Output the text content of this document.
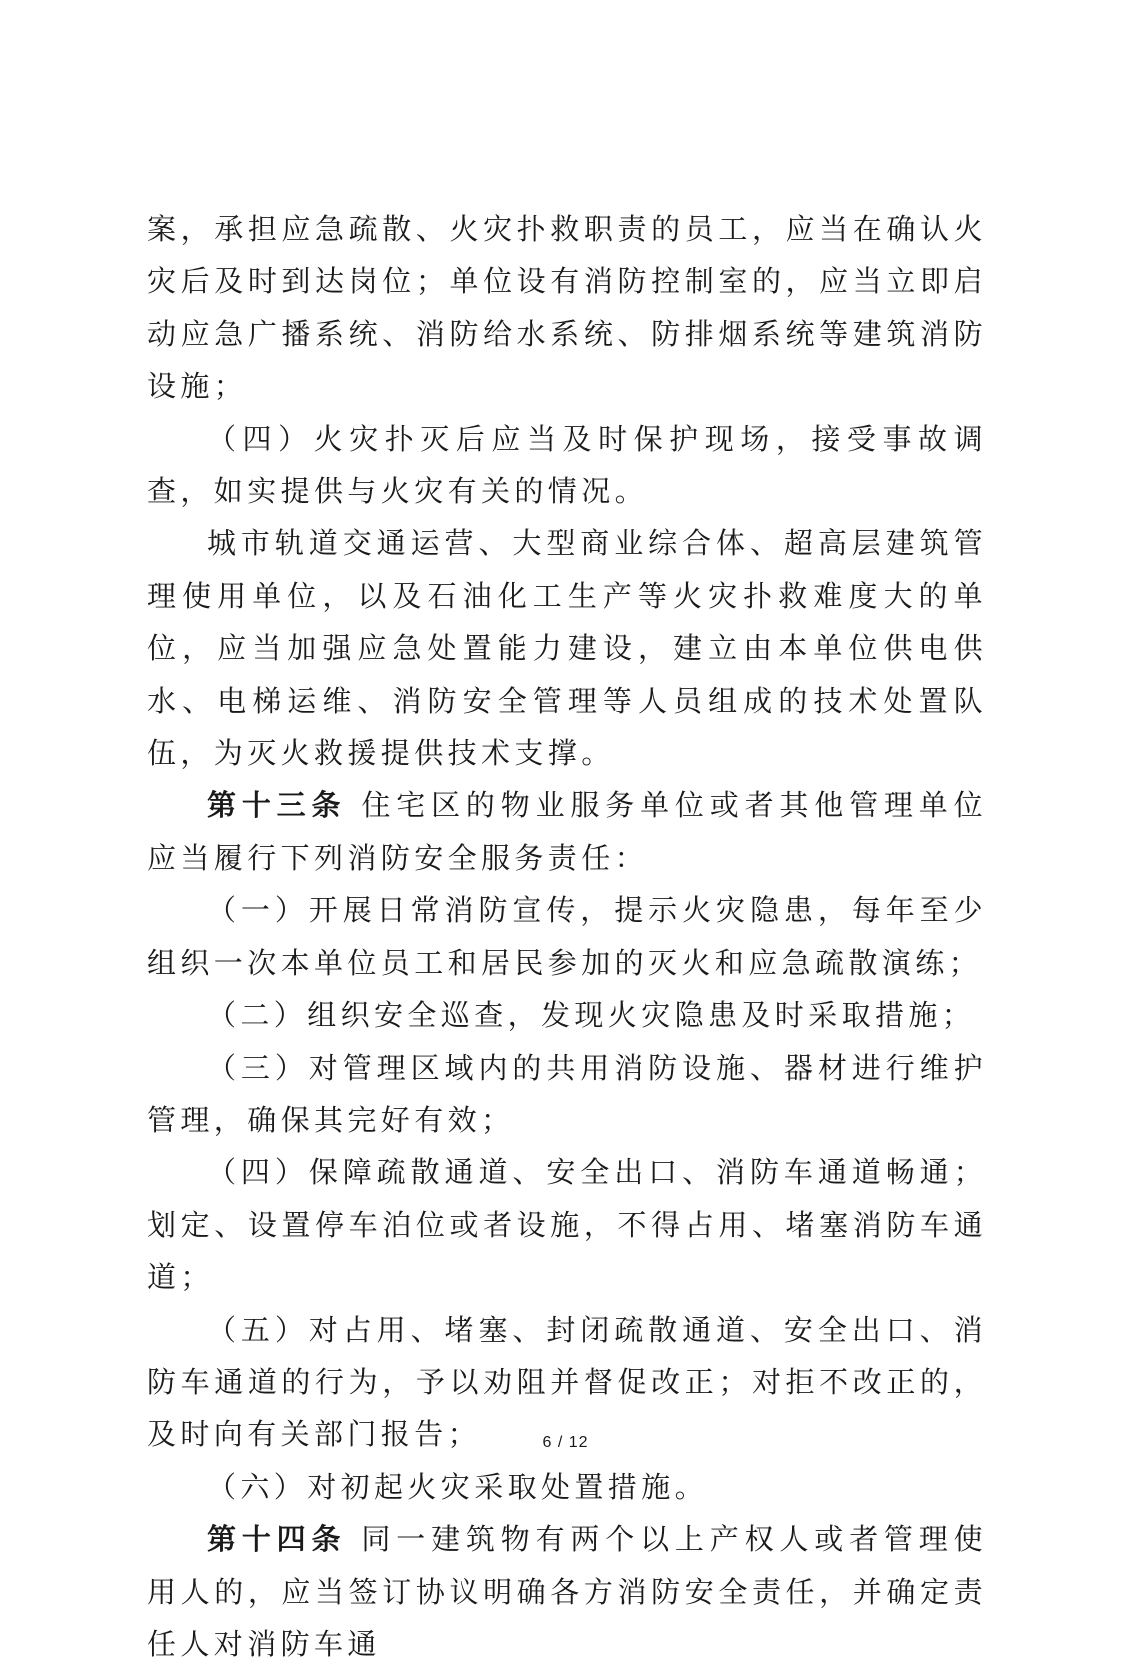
案，承担应急疏散、火灾扑救职责的员工，应当在确认火灾后及时到达岗位；单位设有消防控制室的，应当立即启动应急广播系统、消防给水系统、防排烟系统等建筑消防设施；

（四）火灾扑灭后应当及时保护现场，接受事故调查，如实提供与火灾有关的情况。

城市轨道交通运营、大型商业综合体、超高层建筑管理使用单位，以及石油化工生产等火灾扑救难度大的单位，应当加强应急处置能力建设，建立由本单位供电供水、电梯运维、消防安全管理等人员组成的技术处置队伍，为灭火救援提供技术支撑。

第十三条 住宅区的物业服务单位或者其他管理单位应当履行下列消防安全服务责任：

（一）开展日常消防宣传，提示火灾隐患，每年至少组织一次本单位员工和居民参加的灭火和应急疏散演练；

（二）组织安全巡查，发现火灾隐患及时采取措施；

（三）对管理区域内的共用消防设施、器材进行维护管理，确保其完好有效；

（四）保障疏散通道、安全出口、消防车通道畅通；划定、设置停车泊位或者设施，不得占用、堵塞消防车通道；

（五）对占用、堵塞、封闭疏散通道、安全出口、消防车通道的行为，予以劝阻并督促改正；对拒不改正的，及时向有关部门报告；

（六）对初起火灾采取处置措施。

第十四条 同一建筑物有两个以上产权人或者管理使用人的，应当签订协议明确各方消防安全责任，并确定责任人对消防车通

6 / 12
